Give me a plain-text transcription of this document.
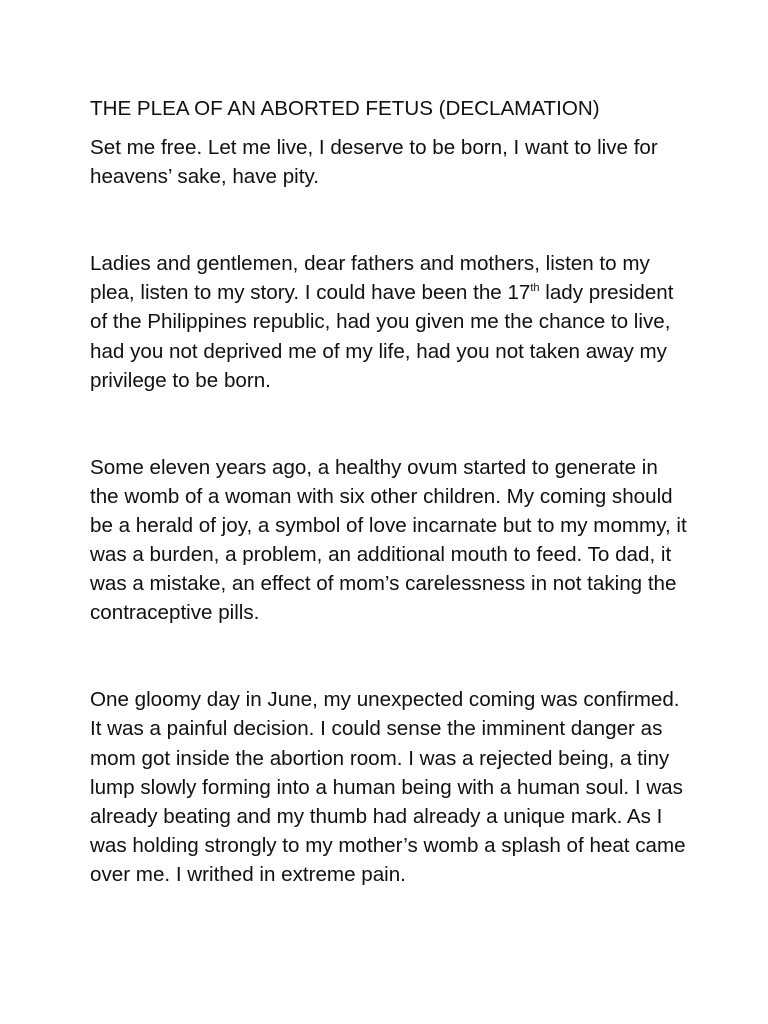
THE PLEA OF AN ABORTED FETUS (DECLAMATION)

Set me free. Let me live, I deserve to be born, I want to live for heavens’ sake, have pity.

Ladies and gentlemen, dear fathers and mothers, listen to my plea, listen to my story. I could have been the 17th lady president of the Philippines republic, had you given me the chance to live, had you not deprived me of my life, had you not taken away my privilege to be born.

Some eleven years ago, a healthy ovum started to generate in the womb of a woman with six other children. My coming should be a herald of joy, a symbol of love incarnate but to my mommy, it was a burden, a problem, an additional mouth to feed. To dad, it was a mistake, an effect of mom’s carelessness in not taking the contraceptive pills.

One gloomy day in June, my unexpected coming was confirmed. It was a painful decision. I could sense the imminent danger as mom got inside the abortion room. I was a rejected being, a tiny lump slowly forming into a human being with a human soul. I was already beating and my thumb had already a unique mark. As I was holding strongly to my mother’s womb a splash of heat came over me. I writhed in extreme pain.
